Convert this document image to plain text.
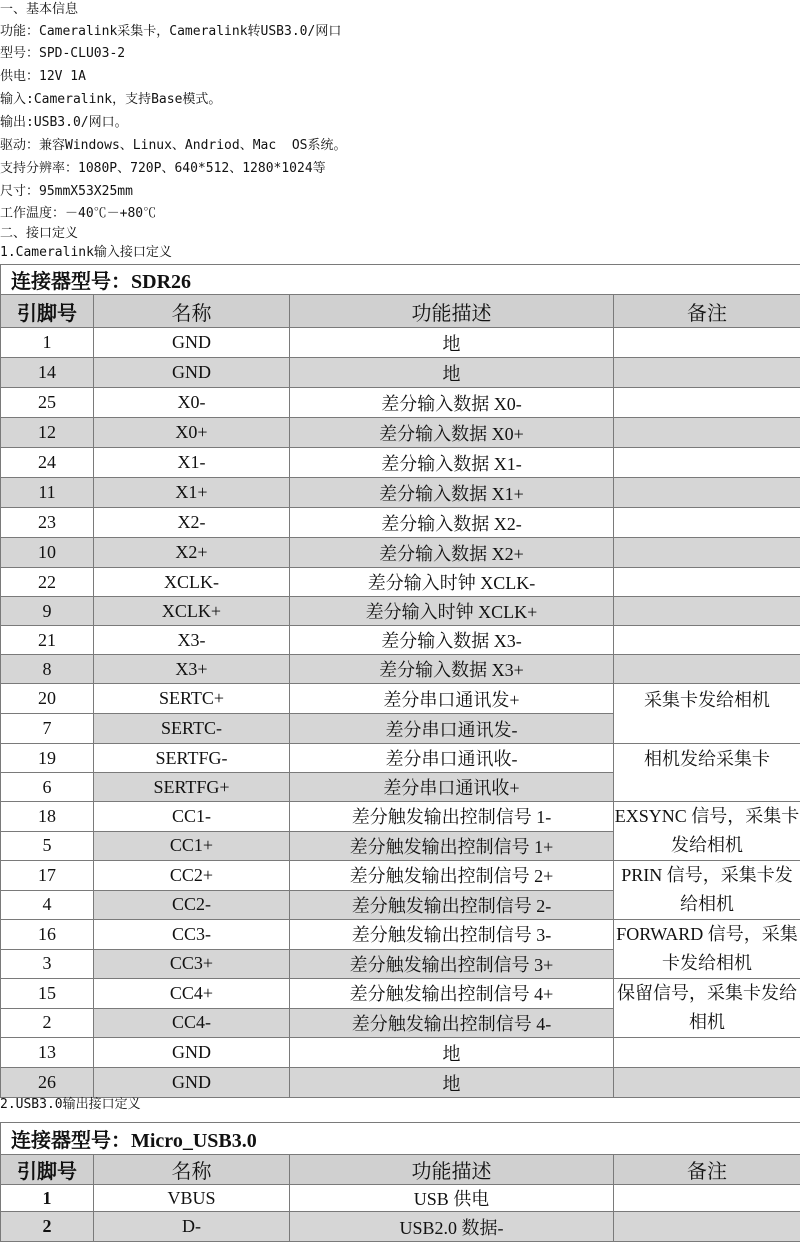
一、基本信息
功能：Cameralink采集卡，Cameralink转USB3.0/网口
型号：SPD-CLU03-2
供电：12V 1A
输入:Cameralink，支持Base模式。
输出:USB3.0/网口。
驱动：兼容Windows、Linux、Andriod、Mac  OS系统。
支持分辨率：1080P、720P、640*512、1280*1024等
尺寸：95mmX53X25mm
工作温度：－40℃－+80℃
二、接口定义
1.Cameralink输入接口定义
连接器型号：SDR26			
引脚号	名称	功能描述	备注
1	GND	地	
14	GND	地	
25	X0-	差分输入数据 X0-	
12	X0+	差分输入数据 X0+	
24	X1-	差分输入数据 X1-	
11	X1+	差分输入数据 X1+	
23	X2-	差分输入数据 X2-	
10	X2+	差分输入数据 X2+	
22	XCLK-	差分输入时钟 XCLK-	
9	XCLK+	差分输入时钟 XCLK+	
21	X3-	差分输入数据 X3-	
8	X3+	差分输入数据 X3+	
20	SERTC+	差分串口通讯发+	采集卡发给相机
7	SERTC-	差分串口通讯发-	
19	SERTFG-	差分串口通讯收-	相机发给采集卡
6	SERTFG+	差分串口通讯收+	
18	CC1-	差分触发输出控制信号 1-	EXSYNC 信号，采集卡发给相机
5	CC1+	差分触发输出控制信号 1+	
17	CC2+	差分触发输出控制信号 2+	PRIN 信号，采集卡发给相机
4	CC2-	差分触发输出控制信号 2-	
16	CC3-	差分触发输出控制信号 3-	FORWARD 信号，采集卡发给相机
3	CC3+	差分触发输出控制信号 3+	
15	CC4+	差分触发输出控制信号 4+	保留信号，采集卡发给相机
2	CC4-	差分触发输出控制信号 4-	
13	GND	地	
26	GND	地	
2.USB3.0输出接口定义
连接器型号：Micro_USB3.0			
引脚号	名称	功能描述	备注
1	VBUS	USB 供电	
2	D-	USB2.0 数据-	
